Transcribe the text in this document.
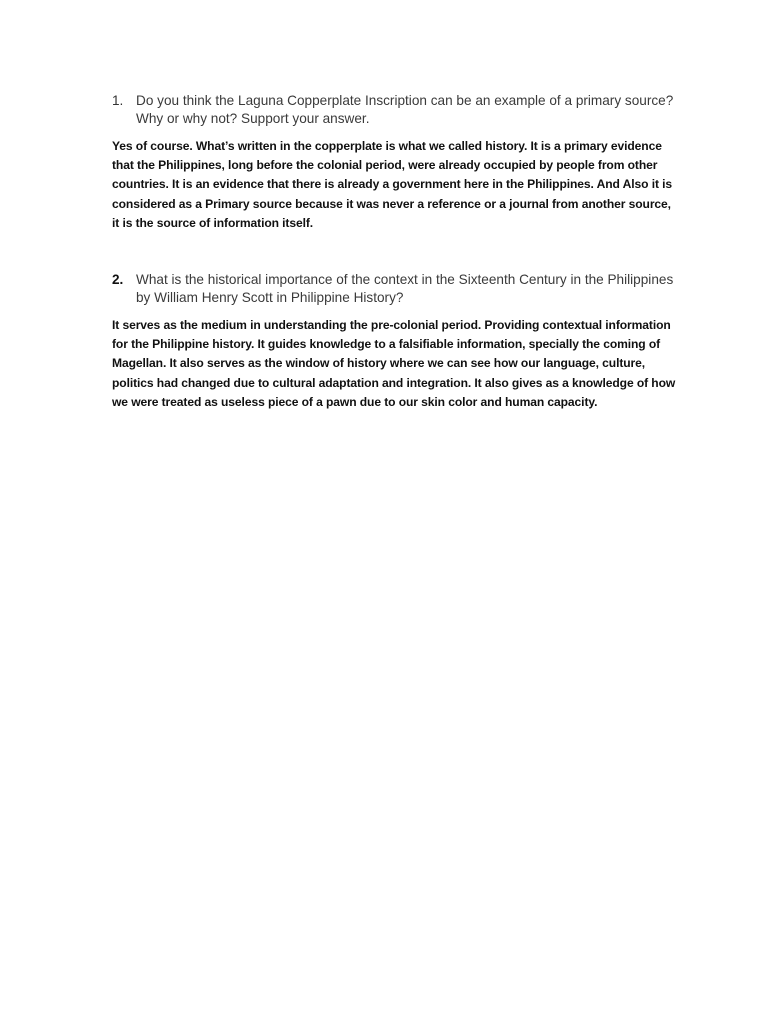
1. Do you think the Laguna Copperplate Inscription can be an example of a primary source? Why or why not? Support your answer.
Yes of course. What’s written in the copperplate is what we called history. It is a primary evidence that the Philippines, long before the colonial period, were already occupied by people from other countries. It is an evidence that there is already a government here in the Philippines. And Also it is considered as a Primary source because it was never a reference or a journal from another source, it is the source of information itself.
2. What is the historical importance of the context in the Sixteenth Century in the Philippines by William Henry Scott in Philippine History?
It serves as the medium in understanding the pre-colonial period. Providing contextual information for the Philippine history. It guides knowledge to a falsifiable information, specially the coming of Magellan. It also serves as the window of history where we can see how our language, culture, politics had changed due to cultural adaptation and integration. It also gives as a knowledge of how we were treated as useless piece of a pawn due to our skin color and human capacity.
